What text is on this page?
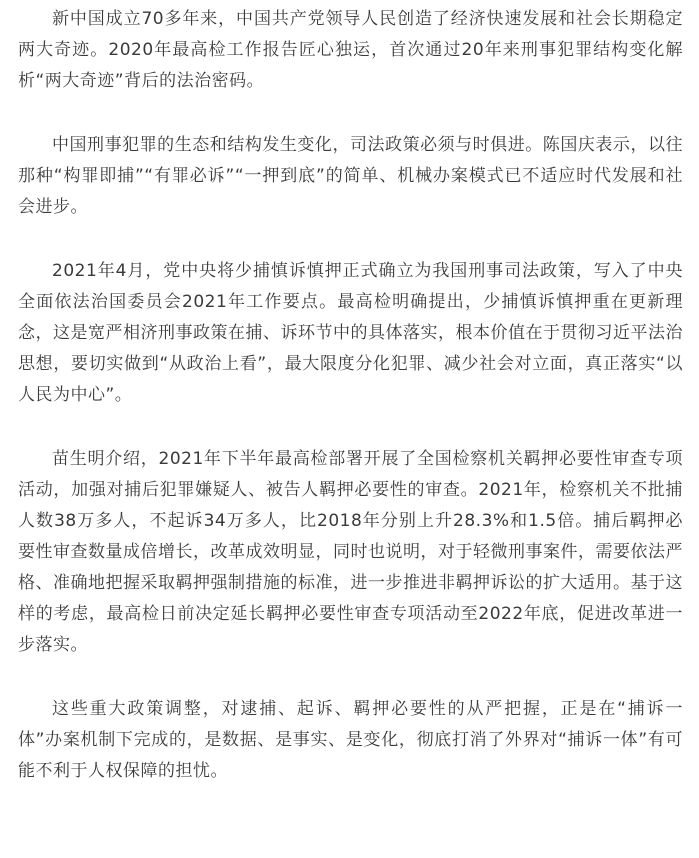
新中国成立70多年来，中国共产党领导人民创造了经济快速发展和社会长期稳定两大奇迹。2020年最高检工作报告匠心独运，首次通过20年来刑事犯罪结构变化解析“两大奇迹”背后的法治密码。

中国刑事犯罪的生态和结构发生变化，司法政策必须与时俱进。陈国庆表示，以往那种“构罪即捕”“有罪必诉”“一押到底”的简单、机械办案模式已不适应时代发展和社会进步。

2021年4月，党中央将少捕慎诉慎押正式确立为我国刑事司法政策，写入了中央全面依法治国委员会2021年工作要点。最高检明确提出，少捕慎诉慎押重在更新理念，这是宽严相济刑事政策在捕、诉环节中的具体落实，根本价值在于贯彻习近平法治思想，要切实做到“从政治上看”，最大限度分化犯罪、减少社会对立面，真正落实“以人民为中心”。

苗生明介绍，2021年下半年最高检部署开展了全国检察机关羁押必要性审查专项活动，加强对捕后犯罪嫌疑人、被告人羁押必要性的审查。2021年，检察机关不批捕人数38万多人，不起诉34万多人，比2018年分别上升28.3%和1.5倍。捕后羁押必要性审查数量成倍增长，改革成效明显，同时也说明，对于轻微刑事案件，需要依法严格、准确地把握采取羁押强制措施的标准，进一步推进非羁押诉讼的扩大适用。基于这样的考虑，最高检日前决定延长羁押必要性审查专项活动至2022年底，促进改革进一步落实。

这些重大政策调整，对逮捕、起诉、羁押必要性的从严把握，正是在“捕诉一体”办案机制下完成的，是数据、是事实、是变化，彻底打消了外界对“捕诉一体”有可能不利于人权保障的担忧。
